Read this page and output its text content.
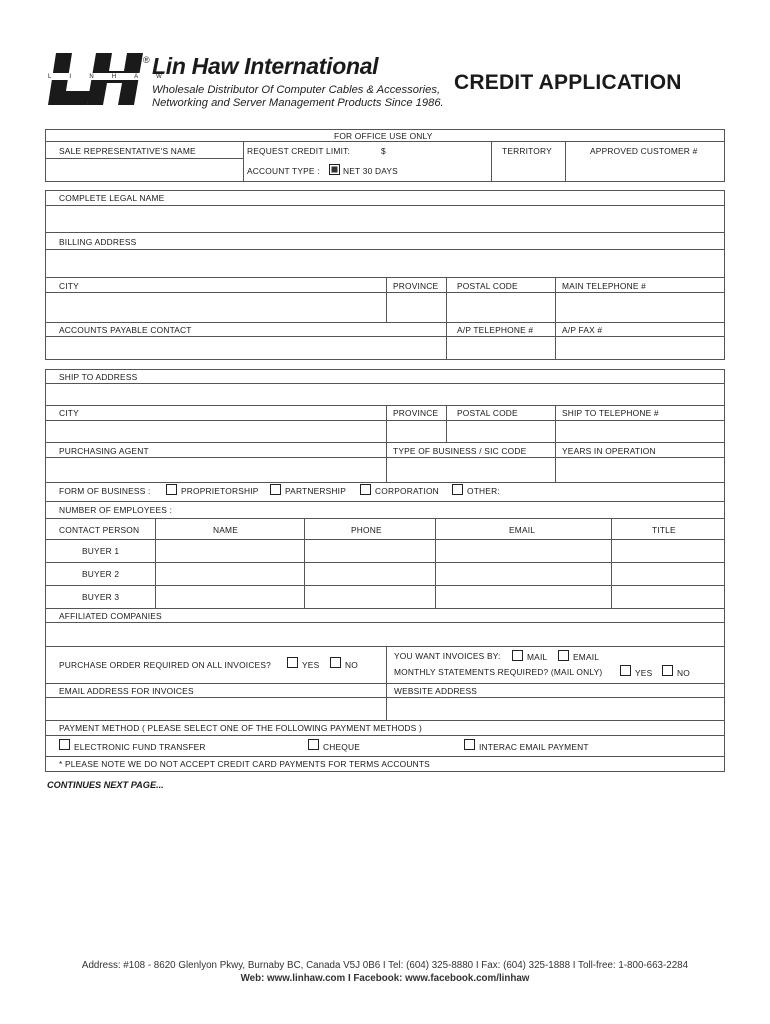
L I N H A W
® Lin Haw International
Wholesale Distributor Of Computer Cables & Accessories,
Networking and Server Management Products Since 1986.
CREDIT APPLICATION
FOR OFFICE USE ONLY
SALE REPRESENTATIVE'S NAME	REQUEST CREDIT LIMIT:	$	TERRITORY	APPROVED CUSTOMER #
ACCOUNT TYPE :	NET 30 DAYS
COMPLETE LEGAL NAME
BILLING ADDRESS
CITY	PROVINCE POSTAL CODE	MAIN TELEPHONE #
ACCOUNTS PAYABLE CONTACT	A/P TELEPHONE #	A/P FAX #
SHIP TO ADDRESS
CITY	PROVINCE POSTAL CODE	SHIP TO TELEPHONE #
PURCHASING AGENT	TYPE OF BUSINESS / SIC CODE	YEARS IN OPERATION
FORM OF BUSINESS :	PROPRIETORSHIP	PARTNERSHIP	CORPORATION	OTHER:
NUMBER OF EMPLOYEES :
CONTACT PERSON	NAME	PHONE	EMAIL	TITLE
BUYER 1
BUYER 2
BUYER 3
AFFILIATED COMPANIES
PURCHASE ORDER REQUIRED ON ALL INVOICES?	YES	NO
YOU WANT INVOICES BY:	MAIL	EMAIL
MONTHLY STATEMENTS REQUIRED? (MAIL ONLY)	YES	NO
EMAIL ADDRESS FOR INVOICES	WEBSITE ADDRESS
PAYMENT METHOD ( PLEASE SELECT ONE OF THE FOLLOWING PAYMENT METHODS )
ELECTRONIC FUND TRANSFER	CHEQUE	INTERAC EMAIL PAYMENT
* PLEASE NOTE WE DO NOT ACCEPT CREDIT CARD PAYMENTS FOR TERMS ACCOUNTS
CONTINUES NEXT PAGE...
Address: #108 - 8620 Glenlyon Pkwy, Burnaby BC, Canada V5J 0B6 I Tel: (604) 325-8880 I Fax: (604) 325-1888 I Toll-free: 1-800-663-2284
Web: www.linhaw.com I Facebook: www.facebook.com/linhaw
